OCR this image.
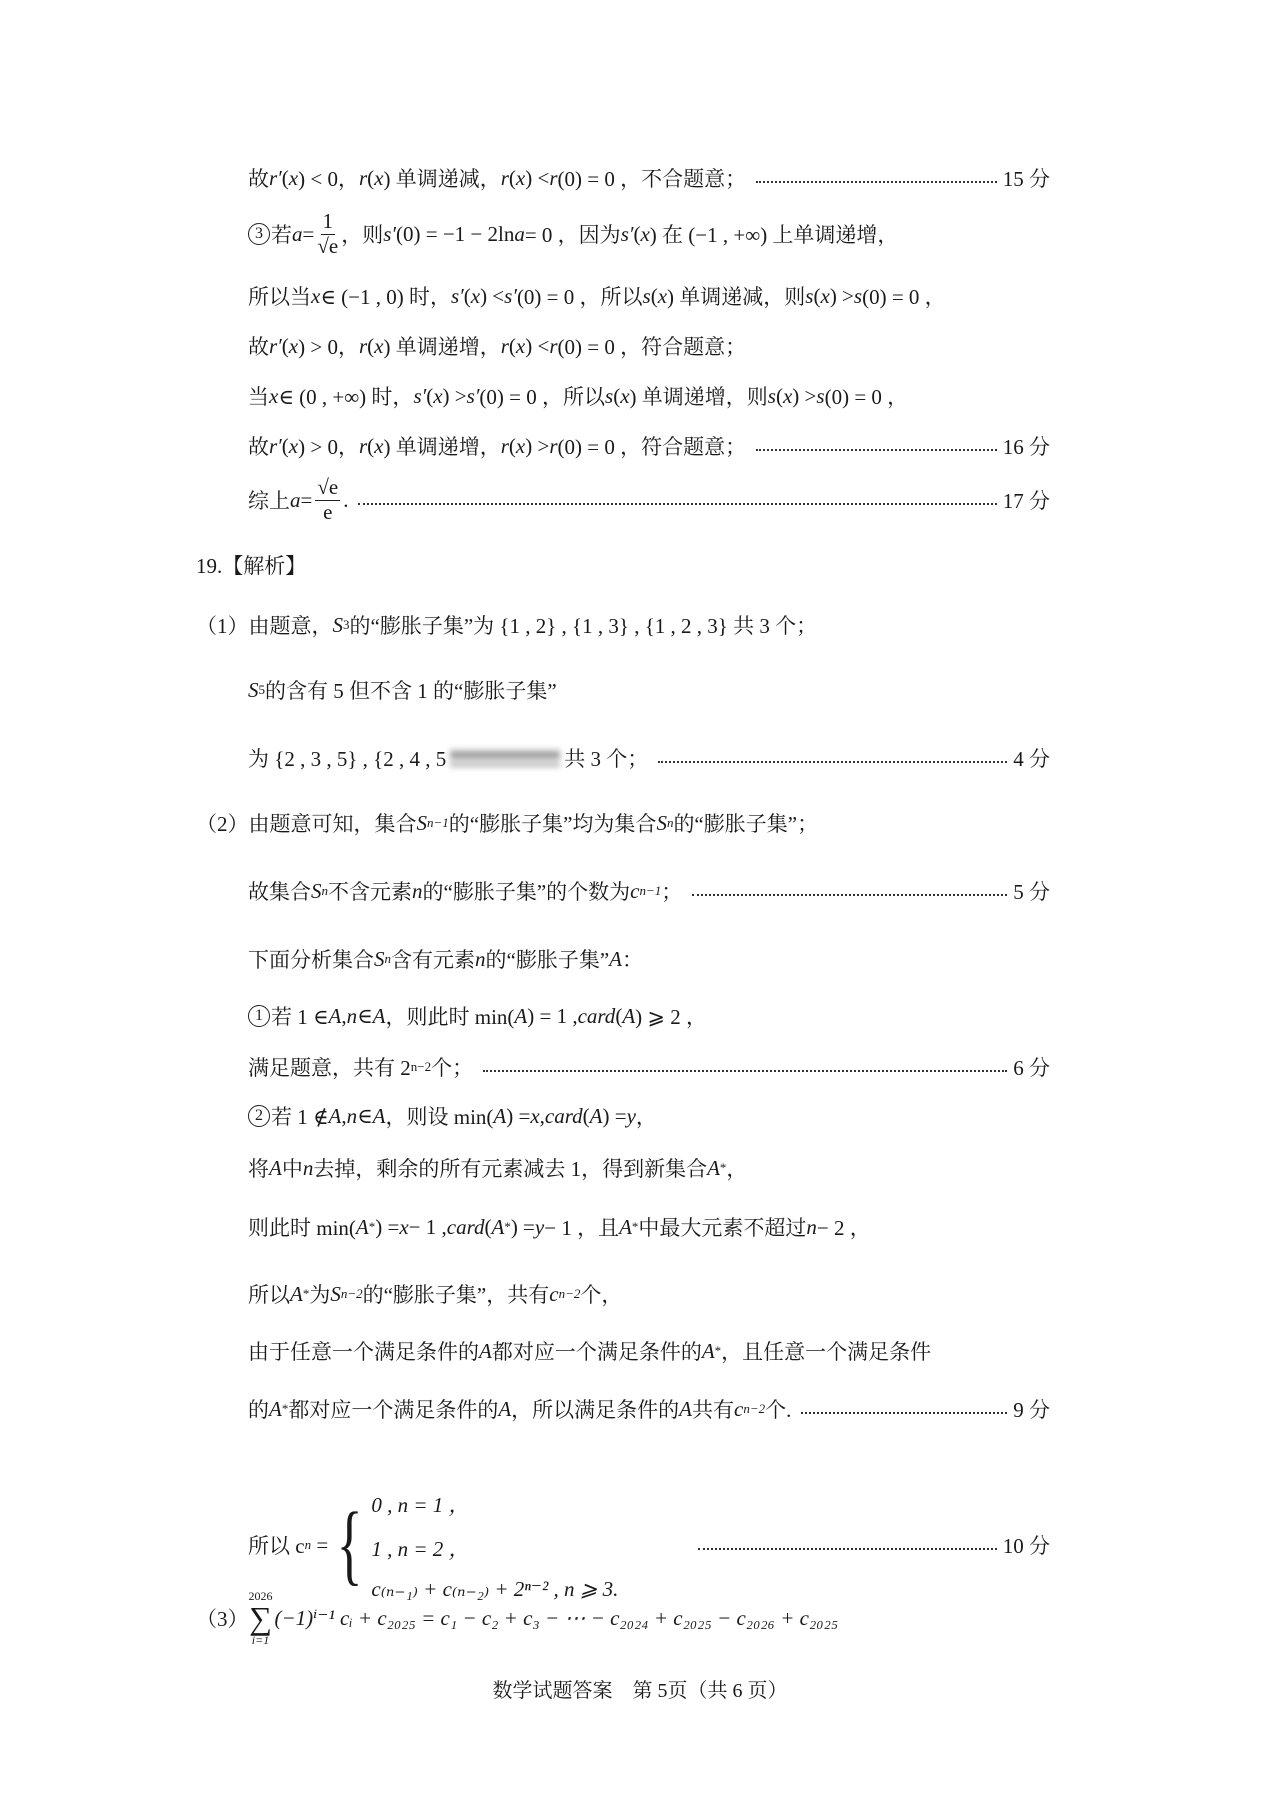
故 r′ ( x ) < 0， r ( x ) 单调递减， r ( x ) < r (0) = 0 ，不合题意；	15 分
3 若 $a = \frac{1}{√e}$ ，则 s′ (0) = −1 − 2ln a = 0 ，因为 s′ ( x ) 在 (−1 , +∞) 上单调递增，
所以当 x ∈ (−1 , 0) 时， s′ ( x ) < s′ (0) = 0 ，所以 s ( x ) 单调递减，则 s ( x ) > s (0) = 0 ，
故 r′ ( x ) > 0， r ( x ) 单调递增， r ( x ) < r (0) = 0 ，符合题意；
当 x ∈ (0 , +∞) 时， s′ ( x ) > s′ (0) = 0 ，所以 s ( x ) 单调递增，则 s ( x ) > s (0) = 0 ，
故 r′ ( x ) > 0， r ( x ) 单调递增， r ( x ) > r (0) = 0 ，符合题意；	16 分
综上 $a = \frac{√e}{e}$ .	17 分
19.【解析】
（1）由题意， S 3 的“膨胀子集”为 {1 , 2} , {1 , 3} , {1 , 2 , 3} 共 3 个；
S 5 的含有 5 但不含 1 的“膨胀子集”
为 {2 , 3 , 5} , {2 , 4 , 5	共 3 个；	4 分
（2）由题意可知，集合 S n−1 的“膨胀子集”均为集合 S n 的“膨胀子集”；
故集合 S n 不含元素 n 的“膨胀子集”的个数为 c n−1 ；	5 分
下面分析集合 S n 含有元素 n 的“膨胀子集” A ：
1 若 1 ∈ A , n ∈ A ，则此时 min( A ) = 1 , card ( A ) ⩾ 2 ，
满足题意，共有 2 n−2 个；	6 分
2 若 1 ∉ A , n ∈ A ，则设 min( A ) = x , card ( A ) = y ，
将 A 中 n 去掉，剩余的所有元素减去 1，得到新集合 A * ，
则此时 min( A * ) = x − 1 , card ( A * ) = y − 1 ，且 A * 中最大元素不超过 n − 2 ，
所以 A * 为 S n−2 的“膨胀子集”，共有 c n−2 个，
由于任意一个满足条件的 A 都对应一个满足条件的 A * ，且任意一个满足条件
的 A * 都对应一个满足条件的 A ，所以满足条件的 A 共有 c n−2 个.	9 分
所以 c n = { 0 , n = 1 ，
1 , n = 2 ，
c₍ₙ₋₁₎ + c₍ₙ₋₂₎ + 2ⁿ⁻² , n ⩾ 3.
10 分
（3）
2026
∑
i=1
(−1)ⁱ⁻¹ cᵢ + c₂₀₂₅ = c₁ − c₂ + c₃ − ⋯ − c₂₀₂₄ + c₂₀₂₅ − c₂₀₂₆ + c₂₀₂₅
数学试题答案　第 5页（共 6 页）
